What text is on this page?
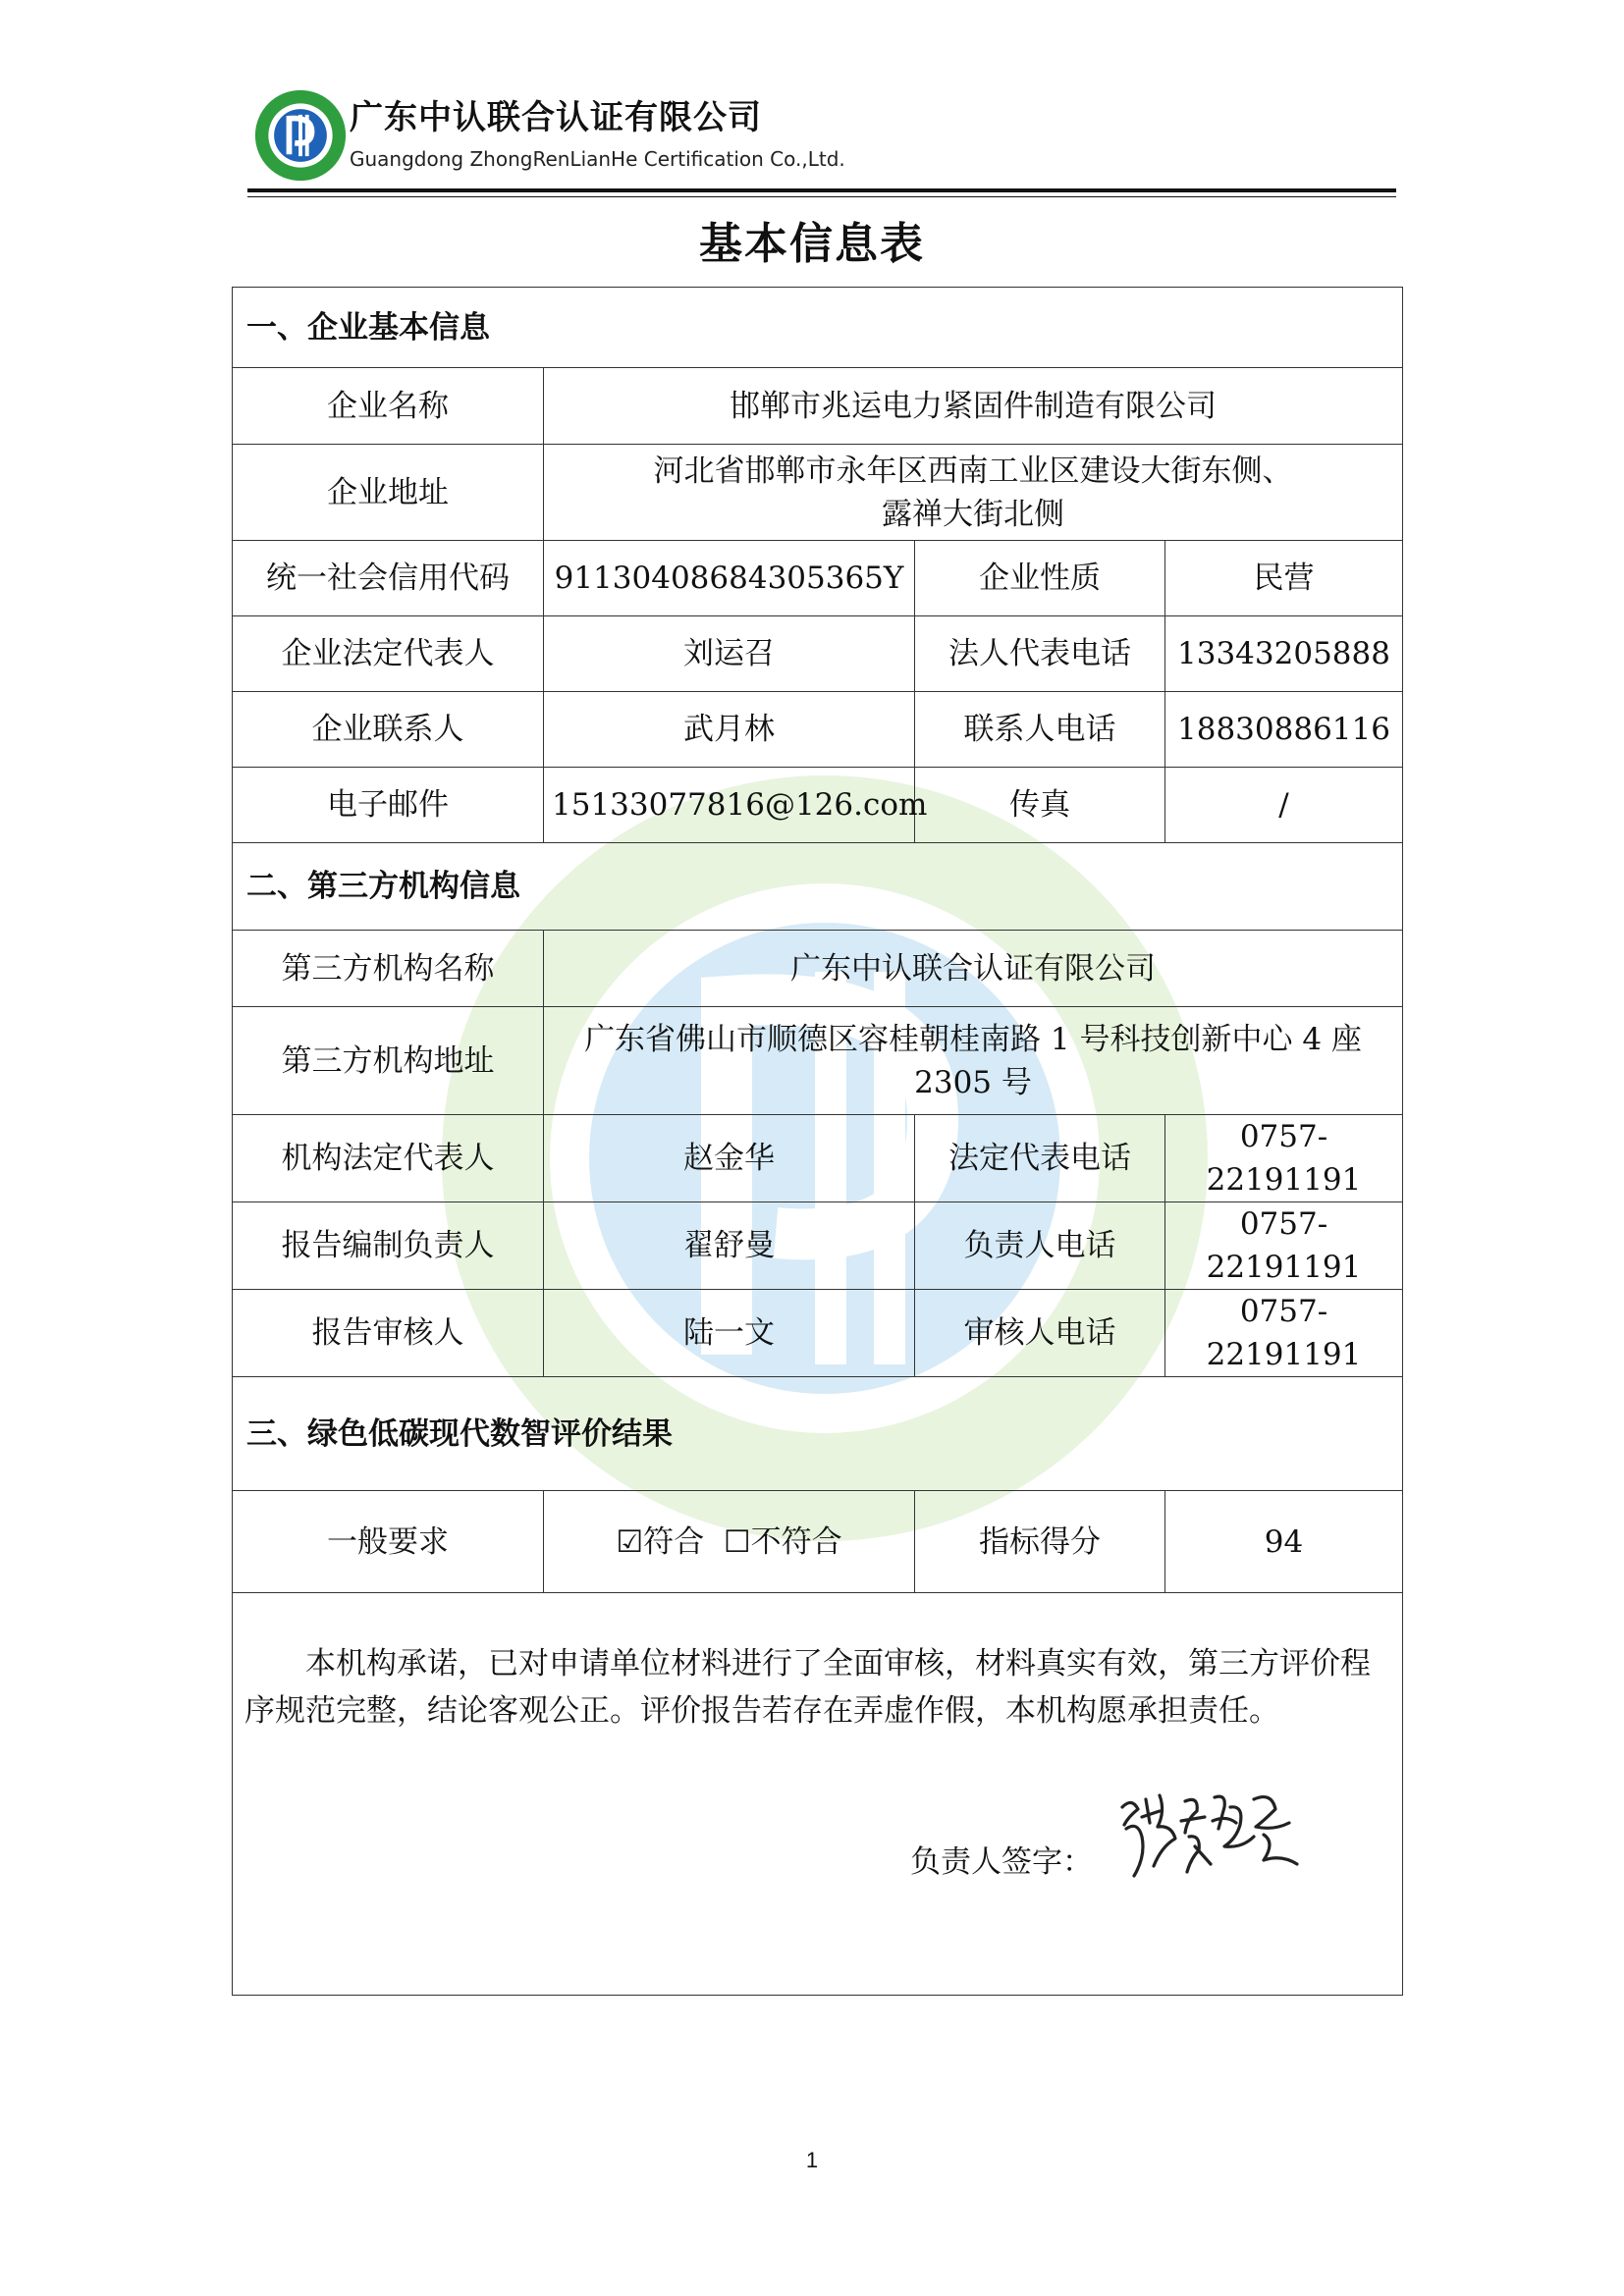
广东中认联合认证有限公司
Guangdong ZhongRenLianHe Certification Co.,Ltd.
基本信息表
一、企业基本信息			
企业名称	邯郸市兆运电力紧固件制造有限公司		
企业地址	河北省邯郸市永年区西南工业区建设大街东侧、
露禅大街北侧		

统一社会信用代码	91130408684305365Y	企业性质	民营
企业法定代表人	刘运召	法人代表电话	13343205888
企业联系人	武月林	联系人电话	18830886116
电子邮件	15133077816@126.com	传真	/
二、第三方机构信息			
第三方机构名称	广东中认联合认证有限公司		
第三方机构地址	广东省佛山市顺德区容桂朝桂南路 1 号科技创新中心 4 座
2305 号		

机构法定代表人	赵金华	法定代表电话	0757-22191191
报告编制负责人	翟舒曼	负责人电话	0757-22191191
报告审核人	陆一文	审核人电话	0757-22191191
三、绿色低碳现代数智评价结果			
一般要求	☑符合 ☐不符合	指标得分	94

本机构承诺，已对申请单位材料进行了全面审核，材料真实有效，第三方评价程序规范完整，结论客观公正。评价报告若存在弄虚作假，本机构愿承担责任。
负责人签字：			
1
